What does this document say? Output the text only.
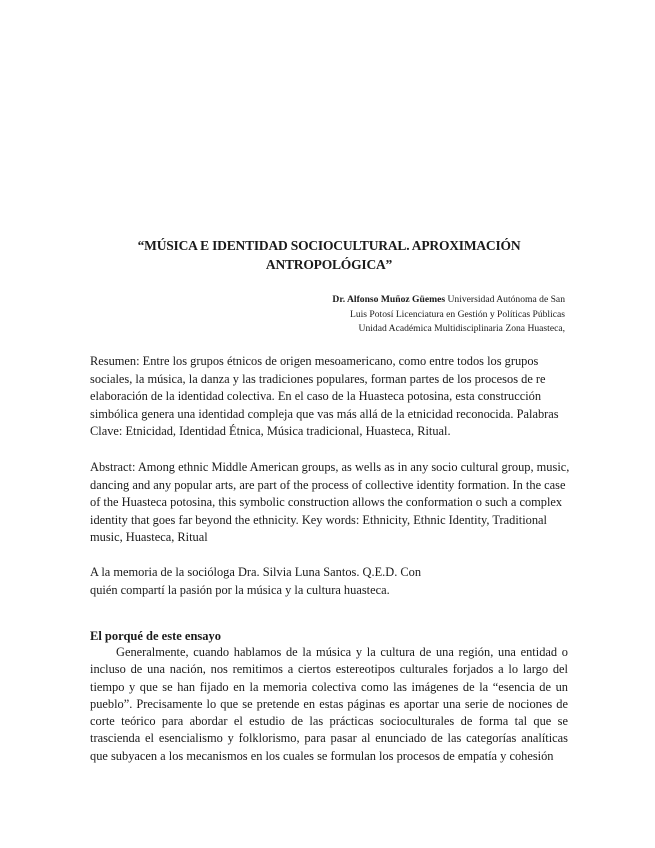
“MÚSICA E IDENTIDAD SOCIOCULTURAL. APROXIMACIÓN ANTROPOLÓGICA”
Dr. Alfonso Muñoz Güemes Universidad Autónoma de San Luis Potosí Licenciatura en Gestión y Políticas Públicas Unidad Académica Multidisciplinaria Zona Huasteca,

Resumen: Entre los grupos étnicos de origen mesoamericano, como entre todos los grupos sociales, la música, la danza y las tradiciones populares, forman partes de los procesos de re elaboración de la identidad colectiva. En el caso de la Huasteca potosina, esta construcción simbólica genera una identidad compleja que vas más allá de la etnicidad reconocida. Palabras Clave: Etnicidad, Identidad Étnica, Música tradicional, Huasteca, Ritual.

Abstract: Among ethnic Middle American groups, as wells as in any socio cultural group, music, dancing and any popular arts, are part of the process of collective identity formation. In the case of the Huasteca potosina, this symbolic construction allows the conformation o such a complex identity that goes far beyond the ethnicity. Key words: Ethnicity, Ethnic Identity, Traditional music, Huasteca, Ritual

A la memoria de la socióloga Dra. Silvia Luna Santos. Q.E.D. Con quién compartí la pasión por la música y la cultura huasteca.

El porqué de este ensayo

Generalmente, cuando hablamos de la música y la cultura de una región, una entidad o incluso de una nación, nos remitimos a ciertos estereotipos culturales forjados a lo largo del tiempo y que se han fijado en la memoria colectiva como las imágenes de la “esencia de un pueblo”. Precisamente lo que se pretende en estas páginas es aportar una serie de nociones de corte teórico para abordar el estudio de las prácticas socioculturales de forma tal que se trascienda el esencialismo y folklorismo, para pasar al enunciado de las categorías analíticas que subyacen a los mecanismos en los cuales se formulan los procesos de empatía y cohesión
